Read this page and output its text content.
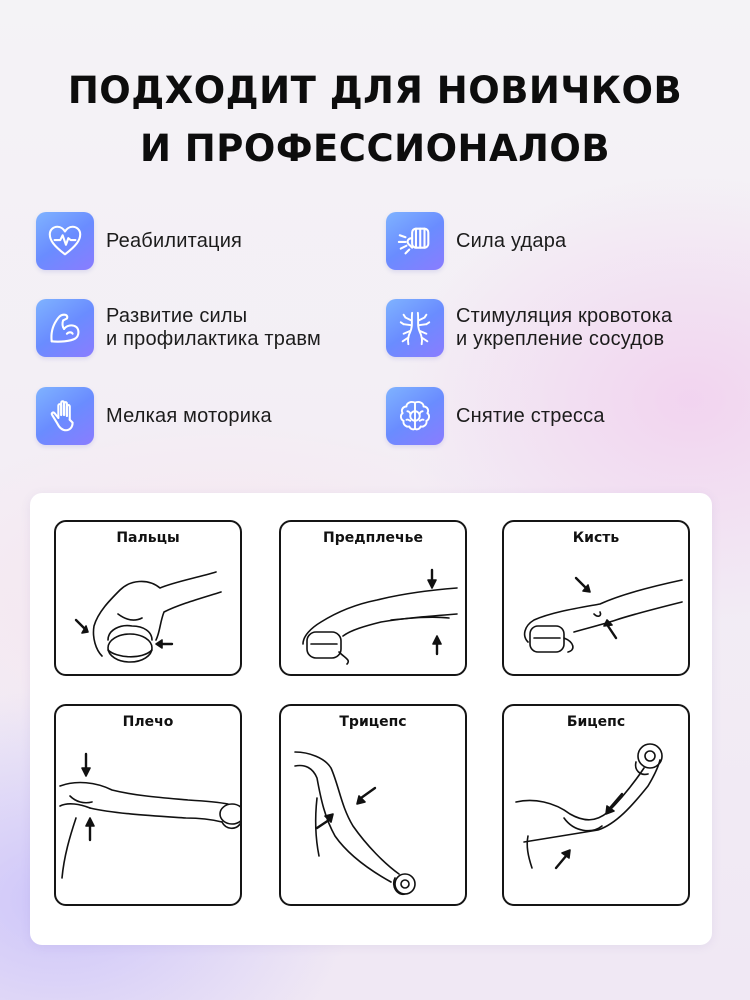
ПОДХОДИТ ДЛЯ НОВИЧКОВ
И ПРОФЕССИОНАЛОВ
Реабилитация	Сила удара
Развитие силы
и профилактика травм
Стимуляция кровотока
и укрепление сосудов
Мелкая моторика	Снятие стресса
Пальцы	Предплечье	Кисть
Плечо	Трицепс	Бицепс
